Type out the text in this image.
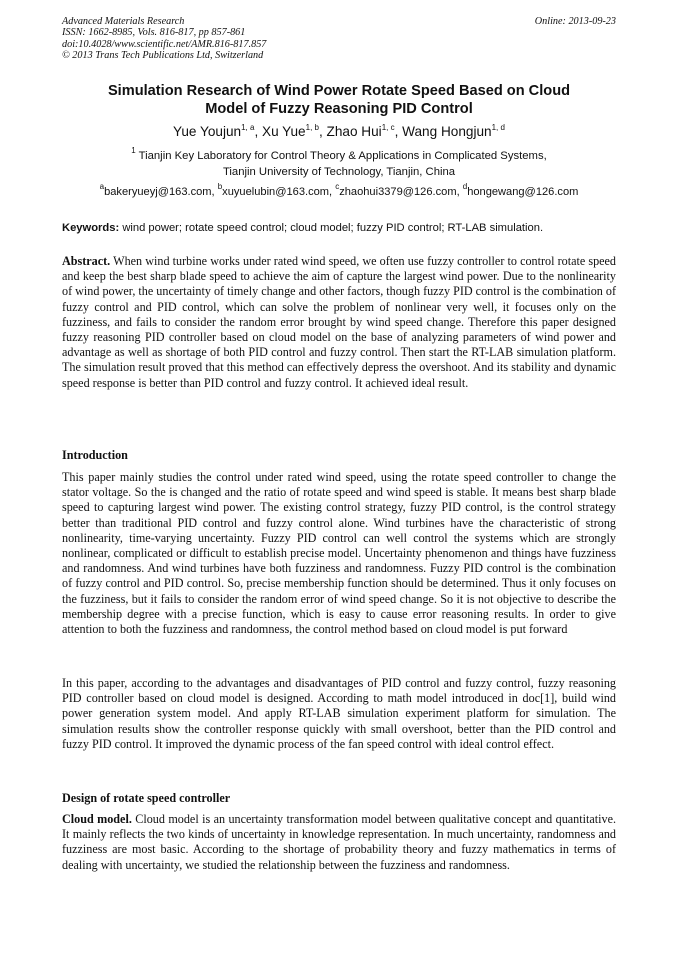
Advanced Materials Research
ISSN: 1662-8985, Vols. 816-817, pp 857-861
doi:10.4028/www.scientific.net/AMR.816-817.857
© 2013 Trans Tech Publications Ltd, Switzerland
Online: 2013-09-23
Simulation Research of Wind Power Rotate Speed Based on Cloud
Model of Fuzzy Reasoning PID Control
Yue Youjun$^{1, a}$, Xu Yue$^{1, b}$, Zhao Hui$^{1, c}$, Wang Hongjun$^{1, d}$
$^1$ Tianjin Key Laboratory for Control Theory & Applications in Complicated Systems,
Tianjin University of Technology, Tianjin, China
$^a$bakeryueyj@163.com, $^b$xuyuelubin@163.com, $^c$zhaohui3379@126.com, $^d$hongewang@126.com
Keywords: wind power; rotate speed control; cloud model; fuzzy PID control; RT-LAB simulation.
Abstract. When wind turbine works under rated wind speed, we often use fuzzy controller to control rotate speed and keep the best sharp blade speed to achieve the aim of capture the largest wind power. Due to the nonlinearity of wind power, the uncertainty of timely change and other factors, though fuzzy PID control is the combination of fuzzy control and PID control, which can solve the problem of nonlinear very well, it focuses only on the fuzziness, and fails to consider the random error brought by wind speed change. Therefore this paper designed fuzzy reasoning PID controller based on cloud model on the base of analyzing parameters of wind power and advantage as well as shortage of both PID control and fuzzy control. Then start the RT-LAB simulation platform. The simulation result proved that this method can effectively depress the overshoot. And its stability and dynamic speed response is better than PID control and fuzzy control. It achieved ideal result.
Introduction
This paper mainly studies the control under rated wind speed, using the rotate speed controller to change the stator voltage. So the is changed and the ratio of rotate speed and wind speed is stable. It means best sharp blade speed to capturing largest wind power. The existing control strategy, fuzzy PID control, is the control strategy better than traditional PID control and fuzzy control alone. Wind turbines have the characteristic of strong nonlinearity, time-varying uncertainty. Fuzzy PID control can well control the systems which are strongly nonlinear, complicated or difficult to establish precise model. Uncertainty phenomenon and things have fuzziness and randomness. And wind turbines have both fuzziness and randomness. Fuzzy PID control is the combination of fuzzy control and PID control. So, precise membership function should be determined. Thus it only focuses on the fuzziness, but it fails to consider the random error of wind speed change. So it is not objective to describe the membership degree with a precise function, which is easy to cause error reasoning results. In order to give attention to both the fuzziness and randomness, the control method based on cloud model is put forward
In this paper, according to the advantages and disadvantages of PID control and fuzzy control, fuzzy reasoning PID controller based on cloud model is designed. According to math model introduced in doc[1], build wind power generation system model. And apply RT-LAB simulation experiment platform for simulation. The simulation results show the controller response quickly with small overshoot, better than the PID control and fuzzy PID control. It improved the dynamic process of the fan speed control with ideal control effect.
Design of rotate speed controller
Cloud model. Cloud model is an uncertainty transformation model between qualitative concept and quantitative. It mainly reflects the two kinds of uncertainty in knowledge representation. In much uncertainty, randomness and fuzziness are most basic. According to the shortage of probability theory and fuzzy mathematics in terms of dealing with uncertainty, we studied the relationship between the fuzziness and randomness.
